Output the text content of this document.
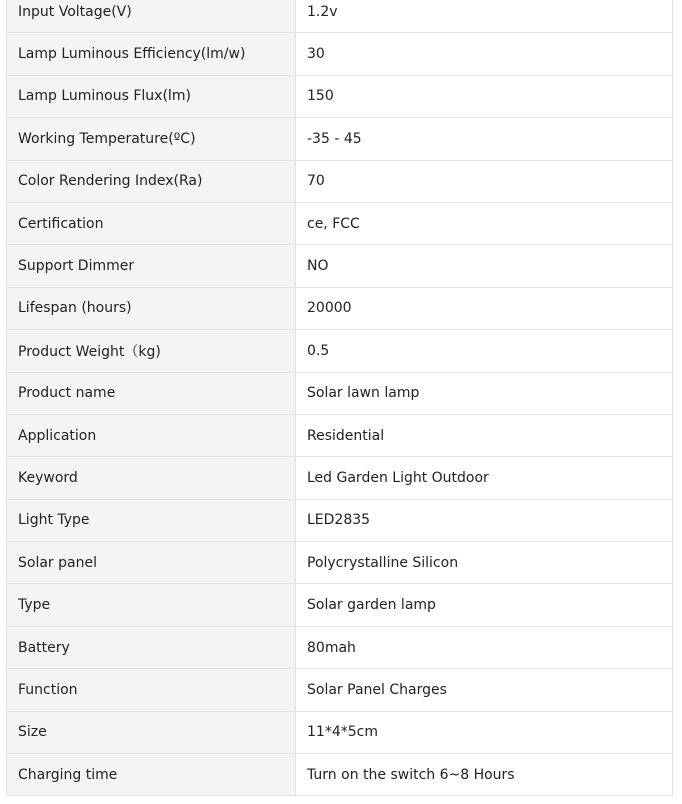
Input Voltage(V)	1.2v
Lamp Luminous Efficiency(lm/w)	30
Lamp Luminous Flux(lm)	150
Working Temperature(ºC)	-35 - 45
Color Rendering Index(Ra)	70
Certification	ce, FCC
Support Dimmer	NO
Lifespan (hours)	20000
Product Weight（kg)	0.5
Product name	Solar lawn lamp
Application	Residential
Keyword	Led Garden Light Outdoor
Light Type	LED2835
Solar panel	Polycrystalline Silicon
Type	Solar garden lamp
Battery	80mah
Function	Solar Panel Charges
Size	11*4*5cm
Charging time	Turn on the switch 6~8 Hours
